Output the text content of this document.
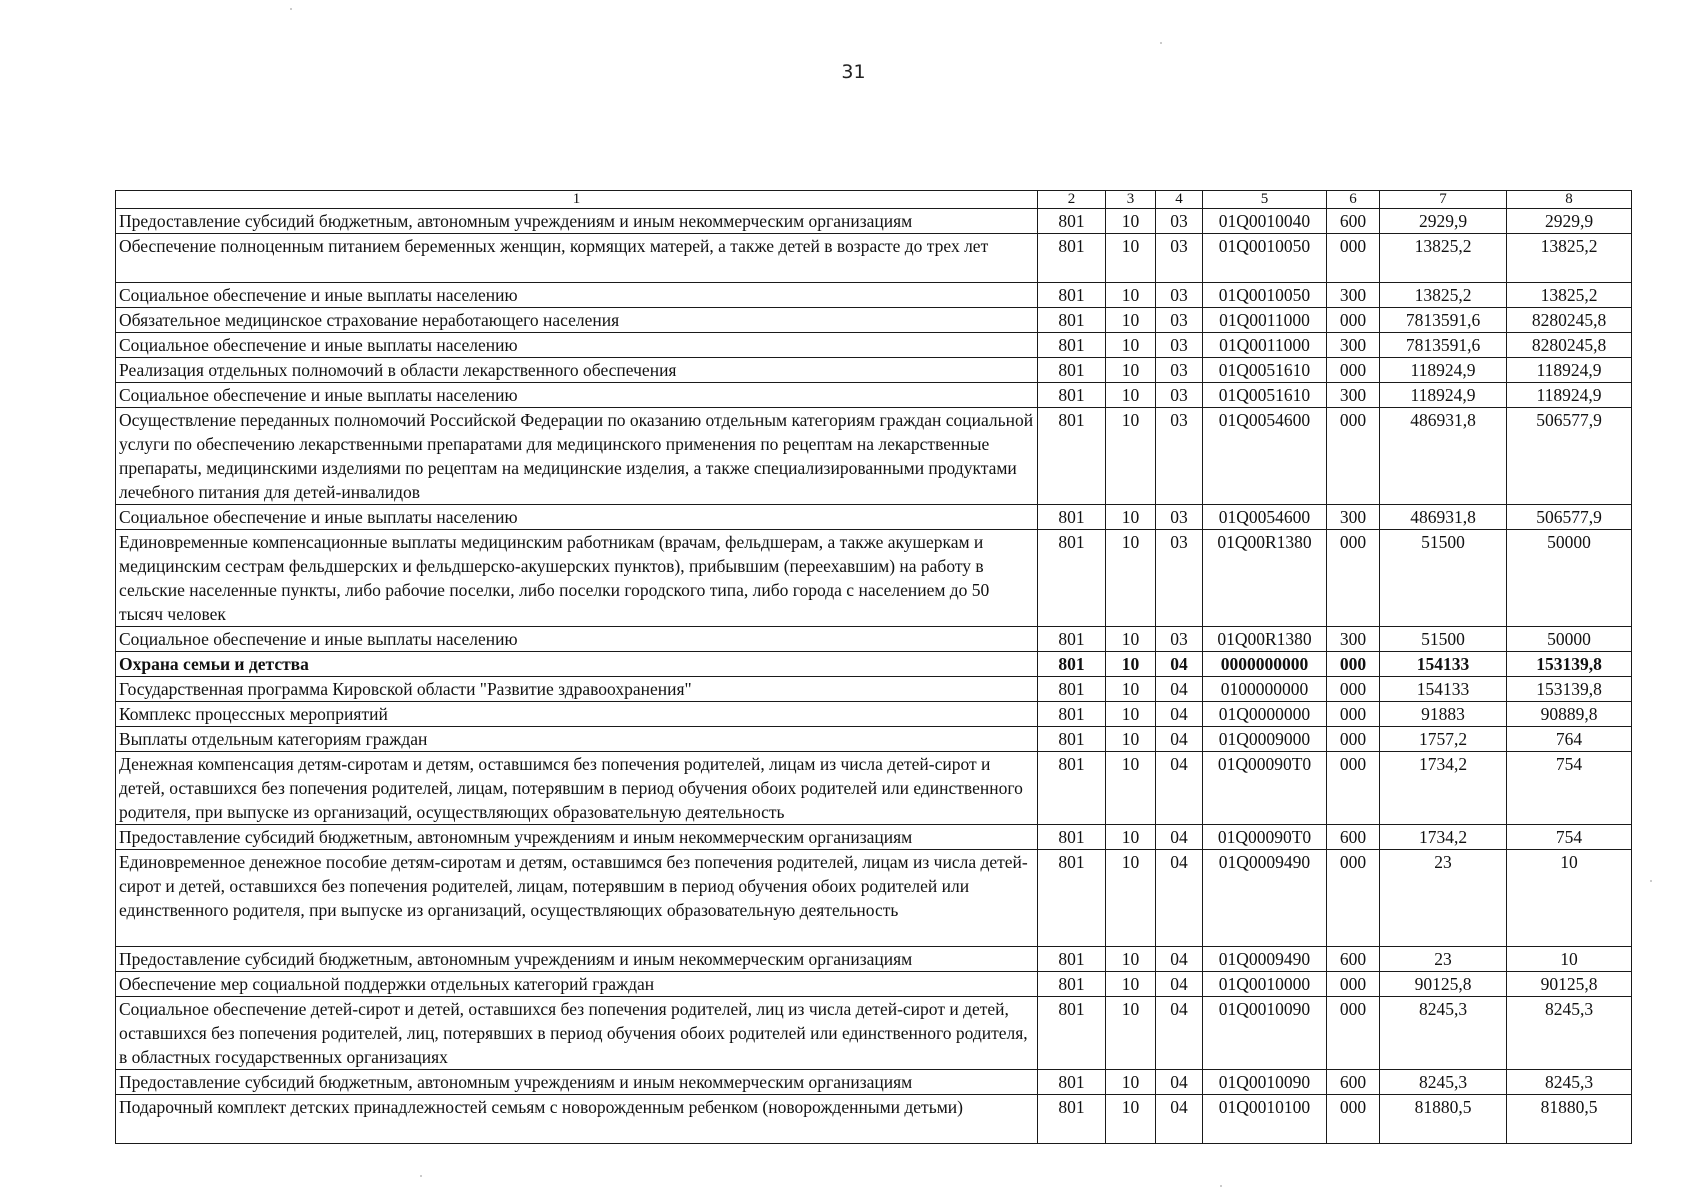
31
1	2	3	4	5	6	7	8
Предоставление субсидий бюджетным, автономным учреждениям и иным некоммерческим организациям	801	10	03	01Q0010040	600	2929,9	2929,9
Обеспечение полноценным питанием беременных женщин, кормящих матерей, а также детей в возрасте до трех лет	801	10	03	01Q0010050	000	13825,2	13825,2
Социальное обеспечение и иные выплаты населению	801	10	03	01Q0010050	300	13825,2	13825,2
Обязательное медицинское страхование неработающего населения	801	10	03	01Q0011000	000	7813591,6	8280245,8
Социальное обеспечение и иные выплаты населению	801	10	03	01Q0011000	300	7813591,6	8280245,8
Реализация отдельных полномочий в области лекарственного обеспечения	801	10	03	01Q0051610	000	118924,9	118924,9
Социальное обеспечение и иные выплаты населению	801	10	03	01Q0051610	300	118924,9	118924,9
Осуществление переданных полномочий Российской Федерации по оказанию отдельным категориям граждан социальной услуги по обеспечению лекарственными препаратами для медицинского применения по рецептам на лекарственные препараты, медицинскими изделиями по рецептам на медицинские изделия, а также специализированными продуктами лечебного питания для детей-инвалидов	801	10	03	01Q0054600	000	486931,8	506577,9
Социальное обеспечение и иные выплаты населению	801	10	03	01Q0054600	300	486931,8	506577,9
Единовременные компенсационные выплаты медицинским работникам (врачам, фельдшерам, а также акушеркам и медицинским сестрам фельдшерских и фельдшерско-акушерских пунктов), прибывшим (переехавшим) на работу в сельские населенные пункты, либо рабочие поселки, либо поселки городского типа, либо города с населением до 50 тысяч человек	801	10	03	01Q00R1380	000	51500	50000
Социальное обеспечение и иные выплаты населению	801	10	03	01Q00R1380	300	51500	50000
Охрана семьи и детства	801	10	04	0000000000	000	154133	153139,8
Государственная программа Кировской области "Развитие здравоохранения"	801	10	04	0100000000	000	154133	153139,8
Комплекс процессных мероприятий	801	10	04	01Q0000000	000	91883	90889,8
Выплаты отдельным категориям граждан	801	10	04	01Q0009000	000	1757,2	764
Денежная компенсация детям-сиротам и детям, оставшимся без попечения родителей, лицам из числа детей-сирот и детей, оставшихся без попечения родителей, лицам, потерявшим в период обучения обоих родителей или единственного родителя, при выпуске из организаций, осуществляющих образовательную деятельность	801	10	04	01Q00090T0	000	1734,2	754
Предоставление субсидий бюджетным, автономным учреждениям и иным некоммерческим организациям	801	10	04	01Q00090T0	600	1734,2	754
Единовременное денежное пособие детям-сиротам и детям, оставшимся без попечения родителей, лицам из числа детей-сирот и детей, оставшихся без попечения родителей, лицам, потерявшим в период обучения обоих родителей или единственного родителя, при выпуске из организаций, осуществляющих образовательную деятельность	801	10	04	01Q0009490	000	23	10
Предоставление субсидий бюджетным, автономным учреждениям и иным некоммерческим организациям	801	10	04	01Q0009490	600	23	10
Обеспечение мер социальной поддержки отдельных категорий граждан	801	10	04	01Q0010000	000	90125,8	90125,8
Социальное обеспечение детей-сирот и детей, оставшихся без попечения родителей, лиц из числа детей-сирот и детей, оставшихся без попечения родителей, лиц, потерявших в период обучения обоих родителей или единственного родителя, в областных государственных организациях	801	10	04	01Q0010090	000	8245,3	8245,3
Предоставление субсидий бюджетным, автономным учреждениям и иным некоммерческим организациям	801	10	04	01Q0010090	600	8245,3	8245,3
Подарочный комплект детских принадлежностей семьям с новорожденным ребенком (новорожденными детьми)	801	10	04	01Q0010100	000	81880,5	81880,5
